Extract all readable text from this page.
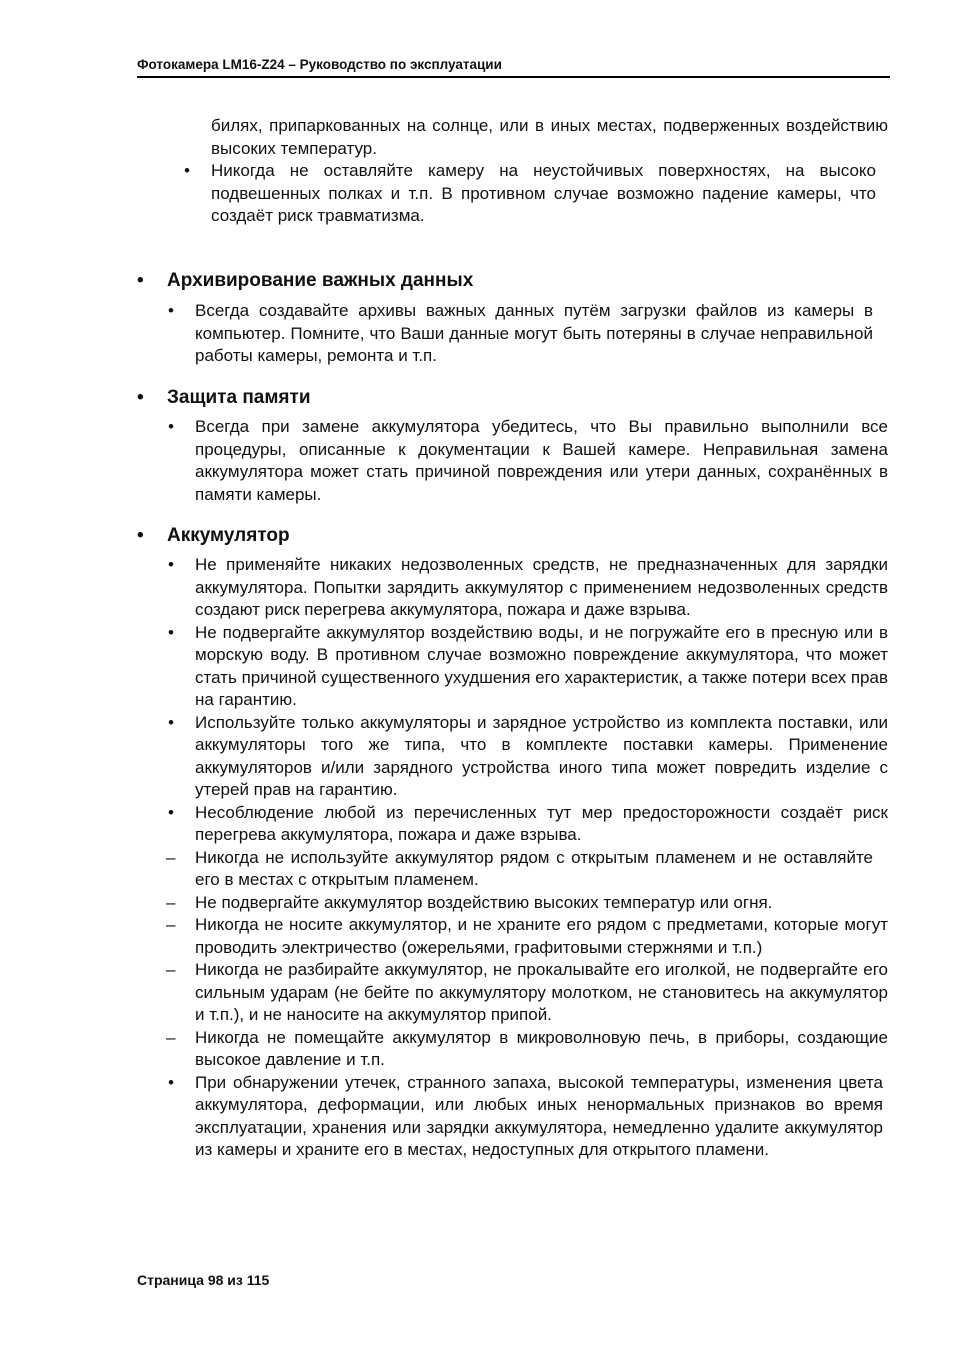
Фотокамера LM16-Z24 – Руководство по эксплуатации
билях, припаркованных на солнце, или в иных местах, подверженных воздействию высоких температур.
• Никогда не оставляйте камеру на неустойчивых поверхностях, на высоко подвешенных полках и т.п. В противном случае возможно падение камеры, что создаёт риск травматизма.
• Архивирование важных данных
• Всегда создавайте архивы важных данных путём загрузки файлов из камеры в компьютер. Помните, что Ваши данные могут быть потеряны в случае неправильной работы камеры, ремонта и т.п.
• Защита памяти
• Всегда при замене аккумулятора убедитесь, что Вы правильно выполнили все процедуры, описанные к документации к Вашей камере. Неправильная замена аккумулятора может стать причиной повреждения или утери данных, сохранённых в памяти камеры.
• Аккумулятор
• Не применяйте никаких недозволенных средств, не предназначенных для зарядки аккумулятора. Попытки зарядить аккумулятор с применением недозволенных средств создают риск перегрева аккумулятора, пожара и даже взрыва.
• Не подвергайте аккумулятор воздействию воды, и не погружайте его в пресную или в морскую воду. В противном случае возможно повреждение аккумулятора, что может стать причиной существенного ухудшения его характеристик, а также потери всех прав на гарантию.
• Используйте только аккумуляторы и зарядное устройство из комплекта поставки, или аккумуляторы того же типа, что в комплекте поставки камеры. Применение аккумуляторов и/или зарядного устройства иного типа может повредить изделие с утерей прав на гарантию.
• Несоблюдение любой из перечисленных тут мер предосторожности создаёт риск перегрева аккумулятора, пожара и даже взрыва.
– Никогда не используйте аккумулятор рядом с открытым пламенем и не оставляйте его в местах с открытым пламенем.
– Не подвергайте аккумулятор воздействию высоких температур или огня.
– Никогда не носите аккумулятор, и не храните его рядом с предметами, которые могут проводить электричество (ожерельями, графитовыми стержнями и т.п.)
– Никогда не разбирайте аккумулятор, не прокалывайте его иголкой, не подвергайте его сильным ударам (не бейте по аккумулятору молотком, не становитесь на аккумулятор и т.п.), и не наносите на аккумулятор припой.
– Никогда не помещайте аккумулятор в микроволновую печь, в приборы, создающие высокое давление и т.п.
• При обнаружении утечек, странного запаха, высокой температуры, изменения цвета аккумулятора, деформации, или любых иных ненормальных признаков во время эксплуатации, хранения или зарядки аккумулятора, немедленно удалите аккумулятор из камеры и храните его в местах, недоступных для открытого пламени.
Страница 98 из 115
